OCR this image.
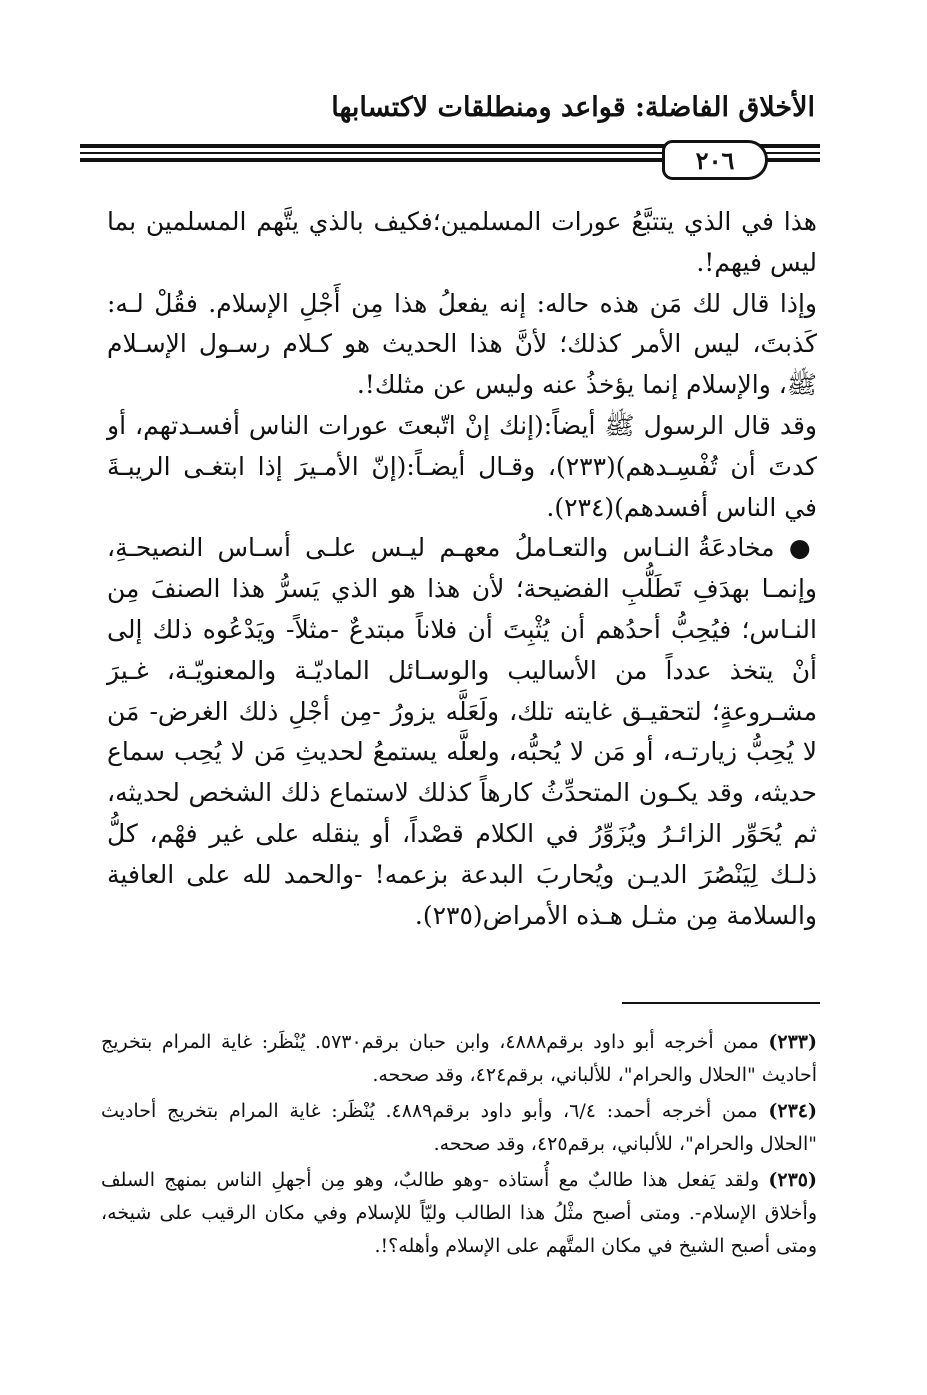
الأخلاق الفاضلة: قواعد ومنطلقات لاكتسابها
٢٠٦

هذا في الذي يتتبَّعُ عورات المسلمين؛فكيف بالذي يتَّهم المسلمين بما ليس فيهم!.

وإذا قال لك مَن هذه حاله: إنه يفعلُ هذا مِن أَجْلِ الإسلام. فقُلْ لـه: كَذبتَ، ليس الأمر كذلك؛ لأنَّ هذا الحديث هو كـلام رسـول الإسـلام ﷺ، والإسلام إنما يؤخذُ عنه وليس عن مثلك!.

وقد قال الرسول ﷺ أيضاً:(إنك إنْ اتّبعتَ عورات الناس أفسـدتهم، أو كدتَ أن تُفْسِـدهم)(٢٣٣)، وقـال أيضـاً:(إنّ الأمـيرَ إذا ابتغـى الريبـةَ في الناس أفسدهم)(٢٣٤).

● مخادعَةُ النـاس والتعـاملُ معهـم ليـس علـى أسـاس النصيحـةِ، وإنمـا بهدَفِ تَطَلُّبِ الفضيحة؛ لأن هذا هو الذي يَسرُّ هذا الصنفَ مِن النـاس؛ فيُحِبُّ أحدُهم أن يُثْبِتَ أن فلاناً مبتدعٌ -مثلاً- ويَدْعُوه ذلك إلى أنْ يتخذ عدداً من الأساليب والوسـائل الماديّـة والمعنويّـة، غـيرَ مشـروعةٍ؛ لتحقيـق غايته تلك، ولَعَلَّه يزورُ -مِن أجْلِ ذلك الغرض- مَن لا يُحِبُّ زيارتـه، أو مَن لا يُحبُّه، ولعلَّه يستمعُ لحديثِ مَن لا يُحِب سماع حديثه، وقد يكـون المتحدِّثُ كارهاً كذلك لاستماع ذلك الشخص لحديثه، ثم يُحَوِّر الزائـرُ ويُزَوِّرُ في الكلام قصْداً، أو ينقله على غير فهْم، كلُّ ذلـك لِيَنْصُرَ الديـن ويُحاربَ البدعة بزعمه! -والحمد لله على العافية والسلامة مِن مثـل هـذه الأمراض(٢٣٥).

(٢٣٣) ممن أخرجه أبو داود برقم٤٨٨٨، وابن حبان برقم٥٧٣٠. يُنْظَر: غاية المرام بتخريج أحاديث "الحلال والحرام"، للألباني، برقم٤٢٤، وقد صححه.

(٢٣٤) ممن أخرجه أحمد: ٦/٤، وأبو داود برقم٤٨٨٩. يُنْظَر: غاية المرام بتخريج أحاديث "الحلال والحرام"، للألباني، برقم٤٢٥، وقد صححه.

(٢٣٥) ولقد يَفعل هذا طالبٌ مع أُستاذه -وهو طالبٌ، وهو مِن أجهلِ الناس بمنهج السلف وأخلاق الإسلام-. ومتى أصبح مثْلُ هذا الطالب وليّاً للإسلام وفي مكان الرقيب على شيخه، ومتى أصبح الشيخ في مكان المتَّهم على الإسلام وأهله؟!.
